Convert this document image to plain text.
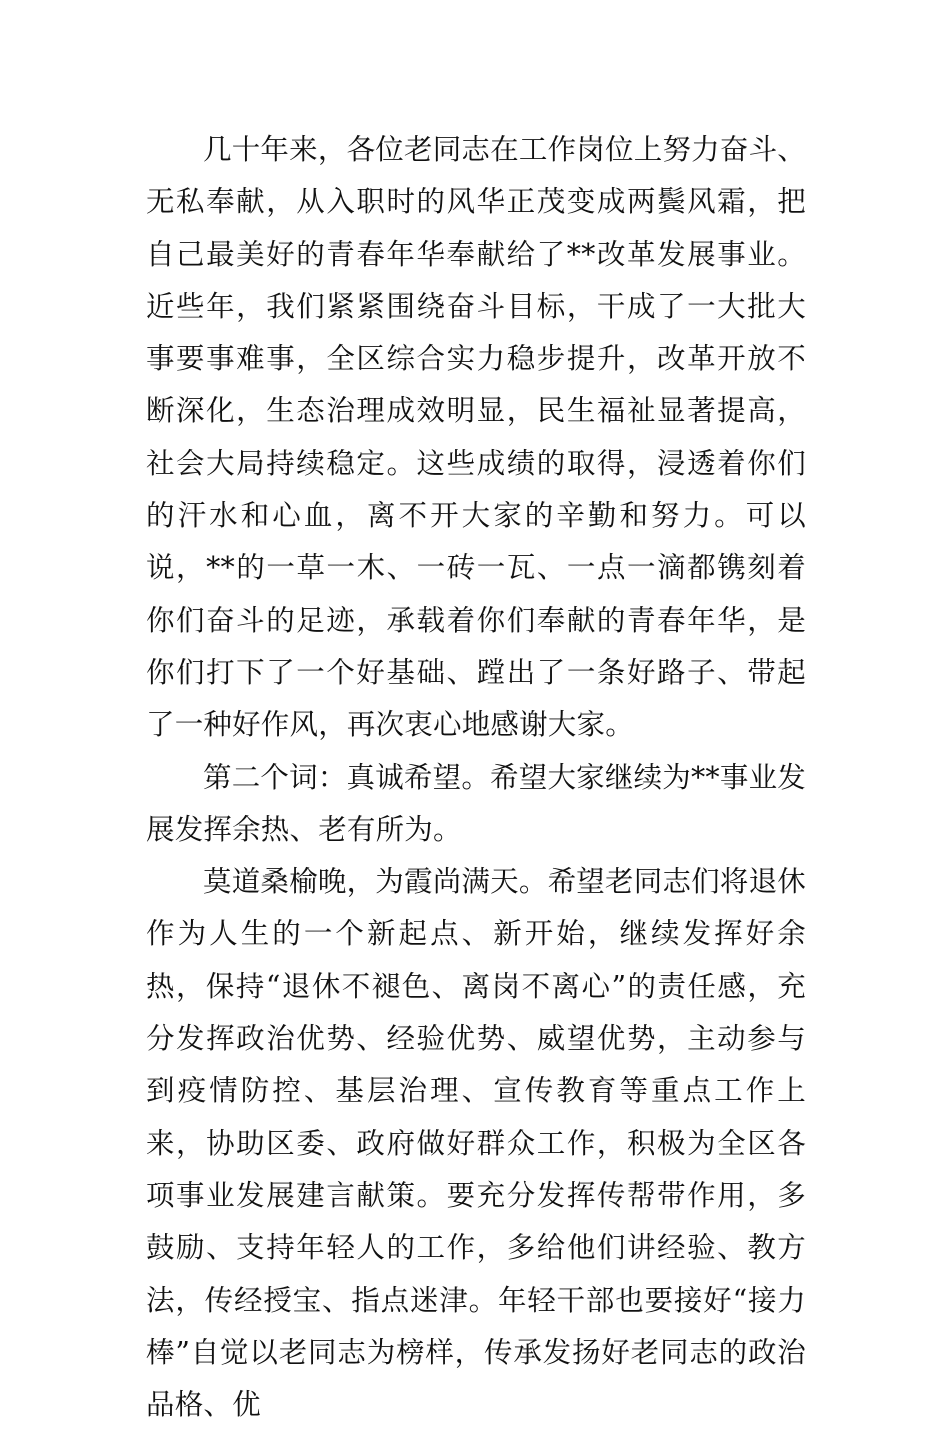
几十年来，各位老同志在工作岗位上努力奋斗、无私奉献，从入职时的风华正茂变成两鬓风霜，把自己最美好的青春年华奉献给了**改革发展事业。近些年，我们紧紧围绕奋斗目标，干成了一大批大事要事难事，全区综合实力稳步提升，改革开放不断深化，生态治理成效明显，民生福祉显著提高，社会大局持续稳定。这些成绩的取得，浸透着你们的汗水和心血，离不开大家的辛勤和努力。可以说，**的一草一木、一砖一瓦、一点一滴都镌刻着你们奋斗的足迹，承载着你们奉献的青春年华，是你们打下了一个好基础、蹚出了一条好路子、带起了一种好作风，再次衷心地感谢大家。

第二个词：真诚希望。希望大家继续为**事业发展发挥余热、老有所为。

莫道桑榆晚，为霞尚满天。希望老同志们将退休作为人生的一个新起点、新开始，继续发挥好余热，保持“退休不褪色、离岗不离心”的责任感，充分发挥政治优势、经验优势、威望优势，主动参与到疫情防控、基层治理、宣传教育等重点工作上来，协助区委、政府做好群众工作，积极为全区各项事业发展建言献策。要充分发挥传帮带作用，多鼓励、支持年轻人的工作，多给他们讲经验、教方法，传经授宝、指点迷津。年轻干部也要接好“接力棒”自觉以老同志为榜样，传承发扬好老同志的政治品格、优
